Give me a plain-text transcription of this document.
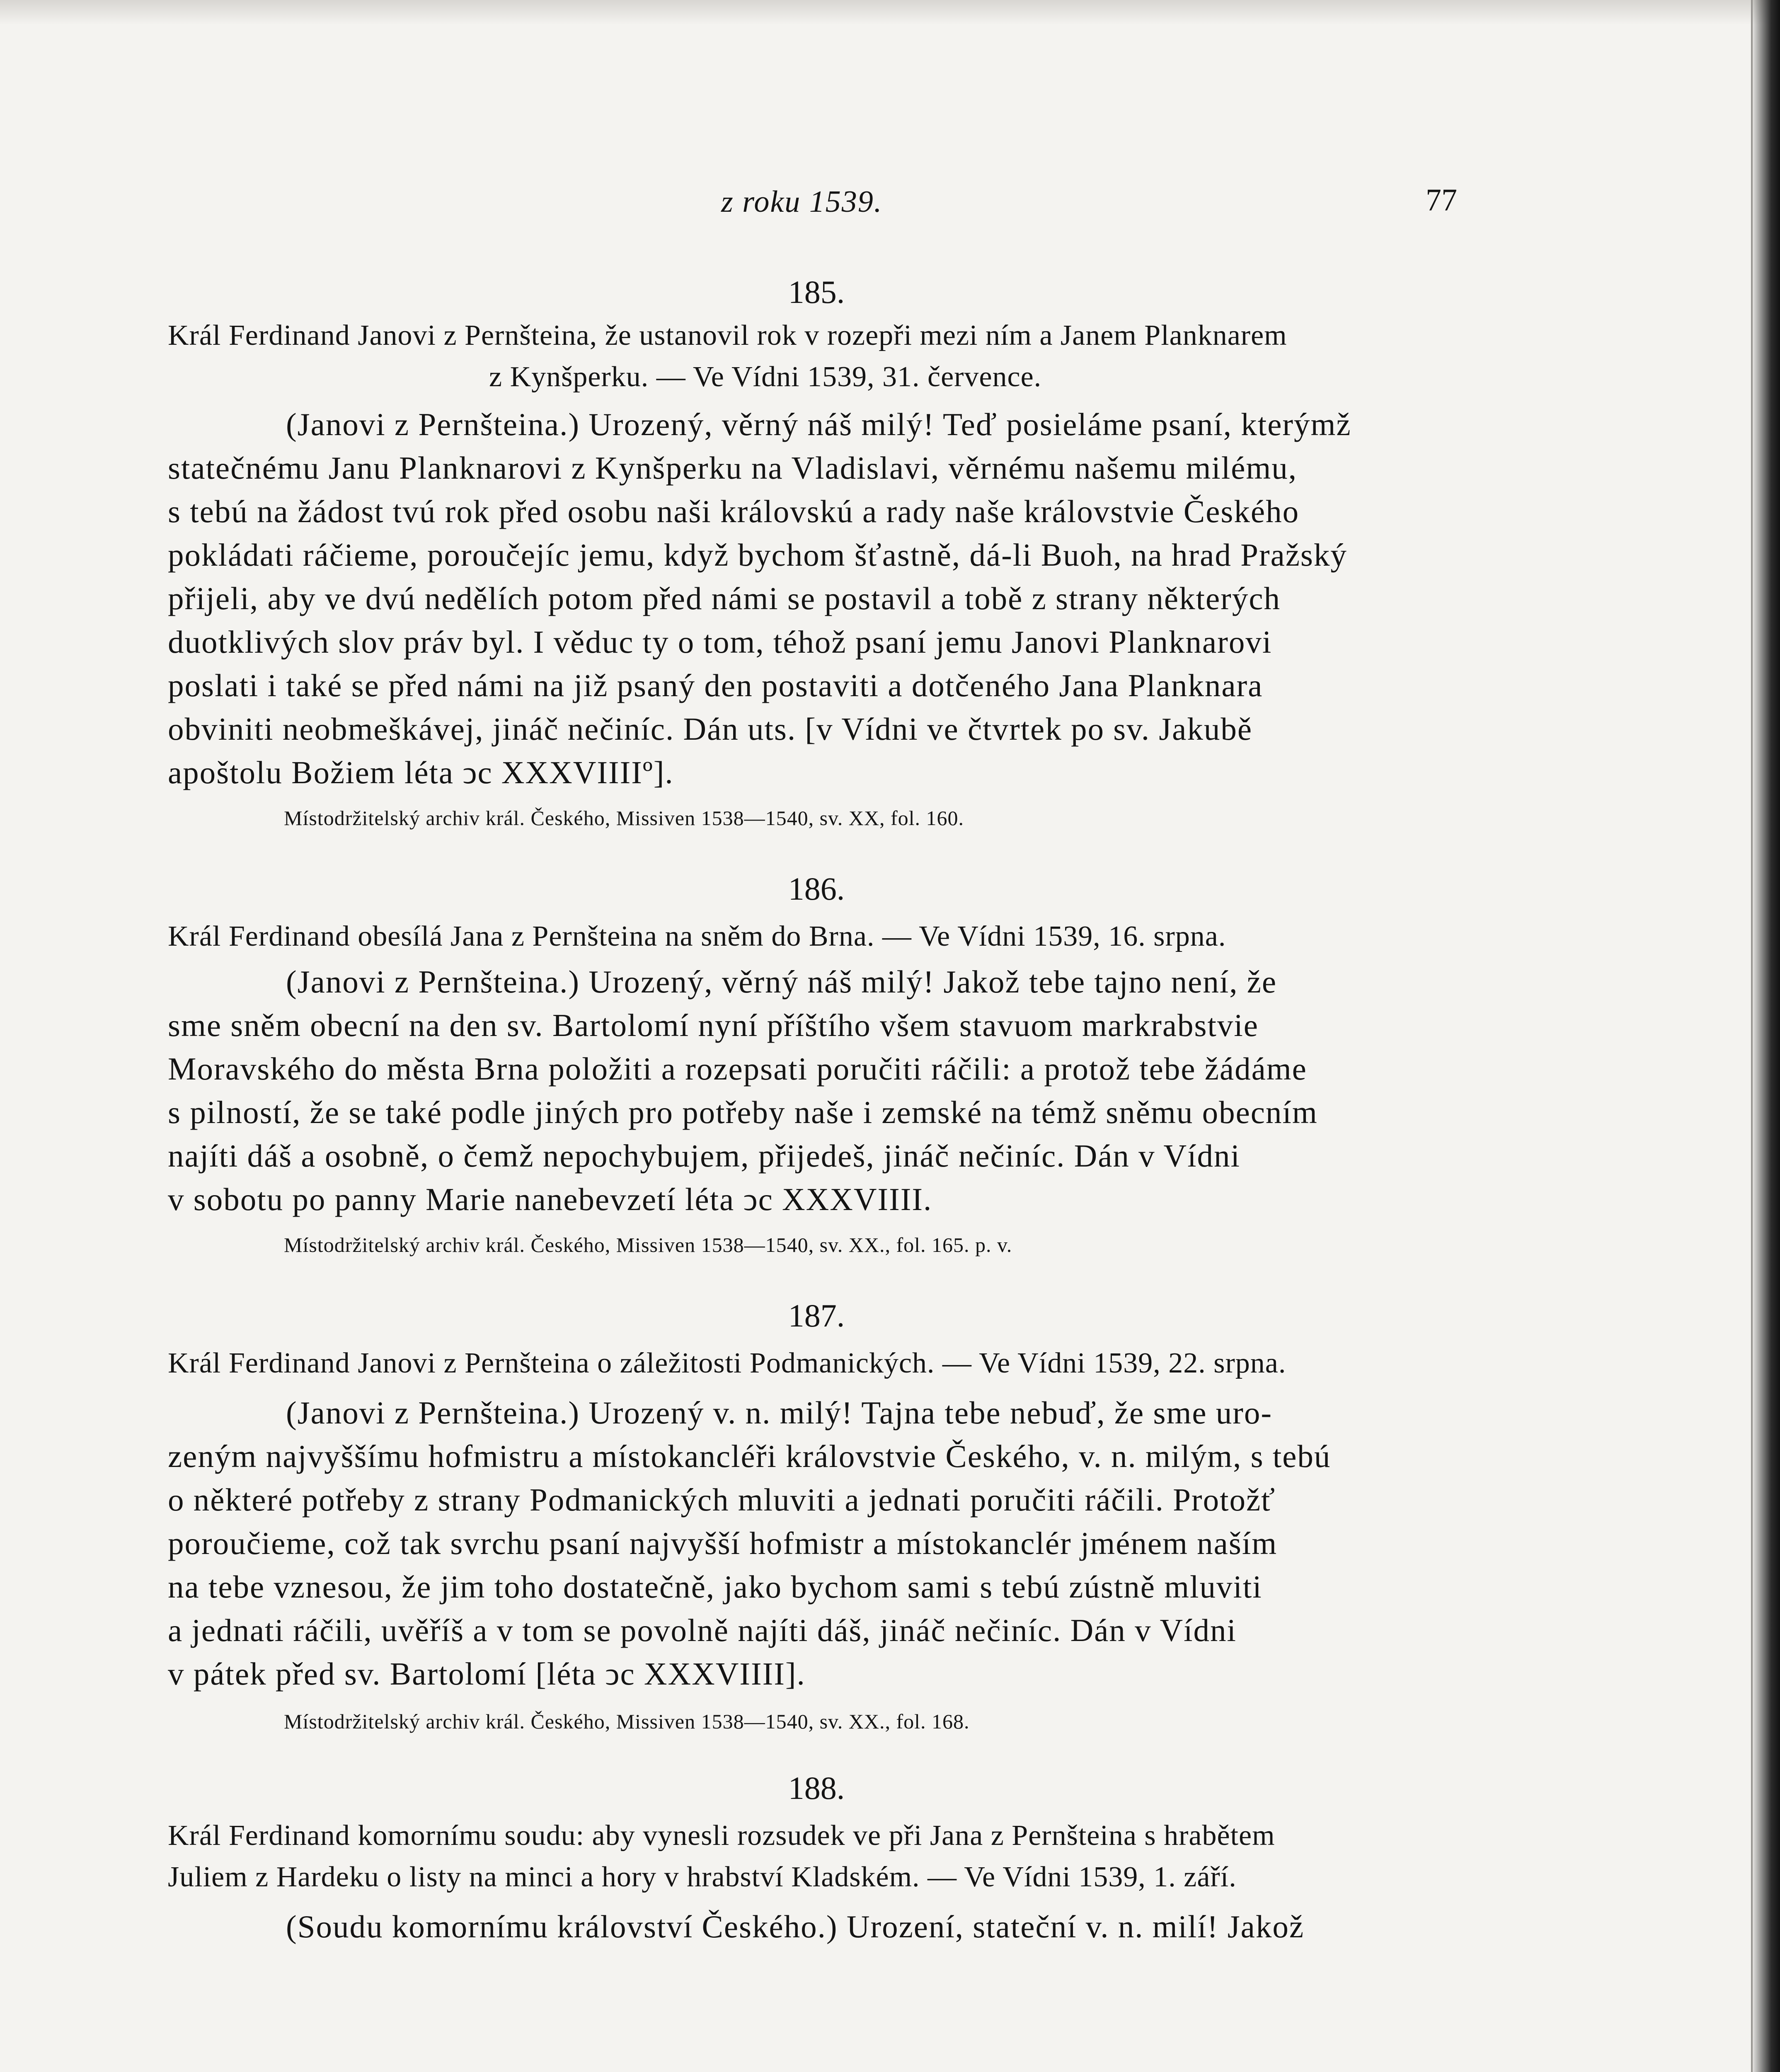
z roku 1539.	77
185.
Král Ferdinand Janovi z Pernšteina, že ustanovil rok v rozepři mezi ním a Janem Planknarem
z Kynšperku. — Ve Vídni 1539, 31. července.
(Janovi z Pernšteina.) Urozený, věrný náš milý! Teď posieláme psaní, kterýmž
statečnému Janu Planknarovi z Kynšperku na Vladislavi, věrnému našemu milému,
s tebú na žádost tvú rok před osobu naši královskú a rady naše královstvie Českého
pokládati ráčieme, poroučejíc jemu, když bychom šťastně, dá-li Buoh, na hrad Pražský
přijeli, aby ve dvú nedělích potom před námi se postavil a tobě z strany některých
duotklivých slov práv byl. I věduc ty o tom, téhož psaní jemu Janovi Planknarovi
poslati i také se před námi na již psaný den postaviti a dotčeného Jana Planknara
obviniti neobmeškávej, jináč nečiníc. Dán uts. [v Vídni ve čtvrtek po sv. Jakubě
apoštolu Božiem léta ↄc XXXVIIIIº].
Místodržitelský archiv král. Českého, Missiven 1538—1540, sv. XX, fol. 160.
186.
Král Ferdinand obesílá Jana z Pernšteina na sněm do Brna. — Ve Vídni 1539, 16. srpna.
(Janovi z Pernšteina.) Urozený, věrný náš milý! Jakož tebe tajno není, že
sme sněm obecní na den sv. Bartolomí nyní příštího všem stavuom markrabstvie
Moravského do města Brna položiti a rozepsati poručiti ráčili: a protož tebe žádáme
s pilností, že se také podle jiných pro potřeby naše i zemské na témž sněmu obecním
najíti dáš a osobně, o čemž nepochybujem, přijedeš, jináč nečiníc. Dán v Vídni
v sobotu po panny Marie nanebevzetí léta ↄc XXXVIIII.
Místodržitelský archiv král. Českého, Missiven 1538—1540, sv. XX., fol. 165. p. v.
187.
Král Ferdinand Janovi z Pernšteina o záležitosti Podmanických. — Ve Vídni 1539, 22. srpna.
(Janovi z Pernšteina.) Urozený v. n. milý! Tajna tebe nebuď, že sme uro-
zeným najvyššímu hofmistru a místokancléři královstvie Českého, v. n. milým, s tebú
o některé potřeby z strany Podmanických mluviti a jednati poručiti ráčili. Protožť
poroučieme, což tak svrchu psaní najvyšší hofmistr a místokanclér jménem naším
na tebe vznesou, že jim toho dostatečně, jako bychom sami s tebú zústně mluviti
a jednati ráčili, uvěříš a v tom se povolně najíti dáš, jináč nečiníc. Dán v Vídni
v pátek před sv. Bartolomí [léta ↄc XXXVIIII].
Místodržitelský archiv král. Českého, Missiven 1538—1540, sv. XX., fol. 168.
188.
Král Ferdinand komornímu soudu: aby vynesli rozsudek ve při Jana z Pernšteina s hrabětem
Juliem z Hardeku o listy na minci a hory v hrabství Kladském. — Ve Vídni 1539, 1. září.
(Soudu komornímu království Českého.) Urození, stateční v. n. milí! Jakož
